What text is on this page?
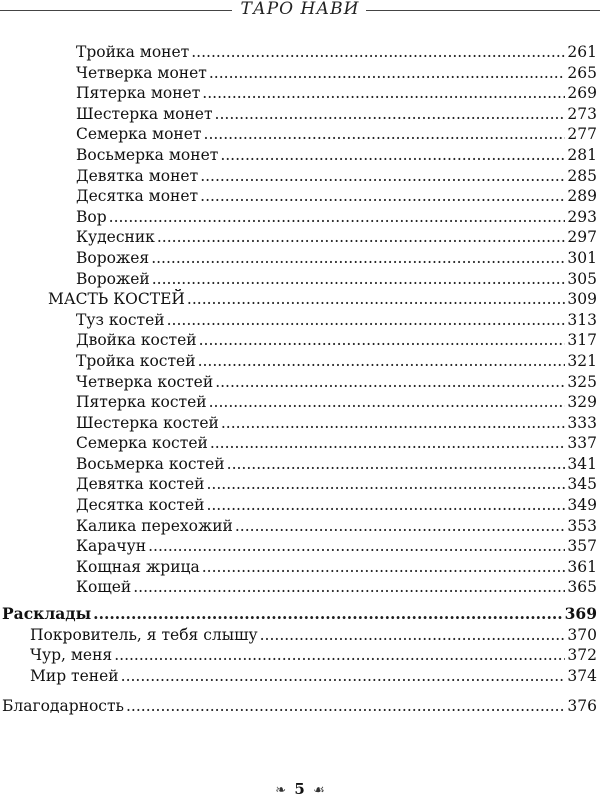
ТАРО НАВИ
Тройка монет .....	261
Четверка монет .....	265
Пятерка монет .....	269
Шестерка монет .....	273
Семерка монет .....	277
Восьмерка монет .....	281
Девятка монет .....	285
Десятка монет .....	289
Вор .....	293
Кудесник .....	297
Ворожея .....	301
Ворожей .....	305
МАСТЬ КОСТЕЙ .....	309
Туз костей .....	313
Двойка костей .....	317
Тройка костей .....	321
Четверка костей .....	325
Пятерка костей .....	329
Шестерка костей .....	333
Семерка костей .....	337
Восьмерка костей .....	341
Девятка костей .....	345
Десятка костей .....	349
Калика перехожий .....	353
Карачун .....	357
Кощная жрица .....	361
Кощей .....	365
Расклады .....	369
Покровитель, я тебя слышу .....	370
Чур, меня .....	372
Мир теней .....	374
Благодарность .....	376
❧ 5 ☙
